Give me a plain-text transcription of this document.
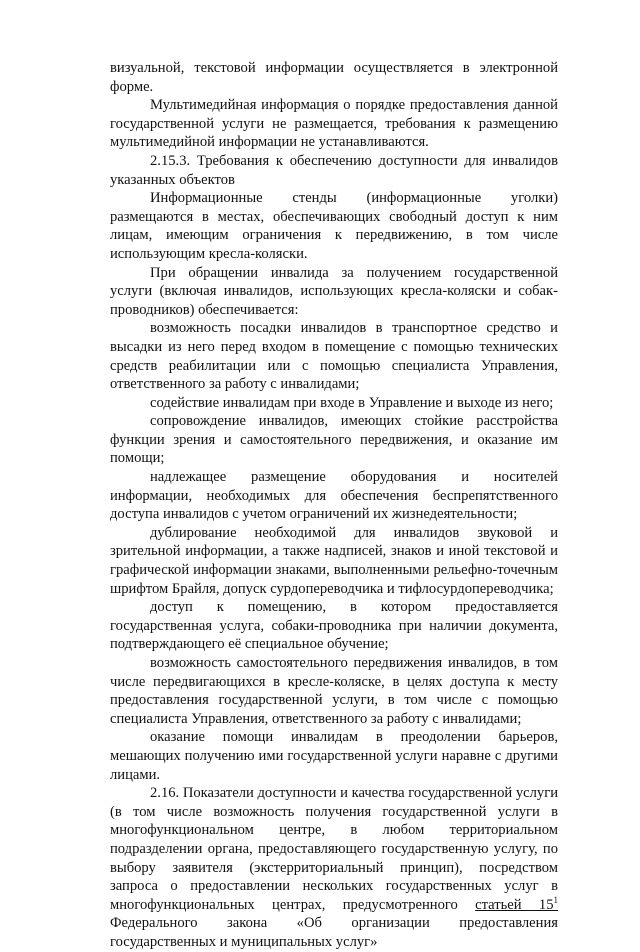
визуальной, текстовой информации осуществляется в электронной форме.

Мультимедийная информация о порядке предоставления данной государственной услуги не размещается, требования к размещению мультимедийной информации не устанавливаются.

2.15.3. Требования к обеспечению доступности для инвалидов указанных объектов

Информационные стенды (информационные уголки) размещаются в местах, обеспечивающих свободный доступ к ним лицам, имеющим ограничения к передвижению, в том числе использующим кресла-коляски.

При обращении инвалида за получением государственной услуги (включая инвалидов, использующих кресла-коляски и собак-проводников) обеспечивается:

возможность посадки инвалидов в транспортное средство и высадки из него перед входом в помещение с помощью технических средств реабилитации или с помощью специалиста Управления, ответственного за работу с инвалидами;

содействие инвалидам при входе в Управление и выходе из него;

сопровождение инвалидов, имеющих стойкие расстройства функции зрения и самостоятельного передвижения, и оказание им помощи;

надлежащее размещение оборудования и носителей информации, необходимых для обеспечения беспрепятственного доступа инвалидов с учетом ограничений их жизнедеятельности;

дублирование необходимой для инвалидов звуковой и зрительной информации, а также надписей, знаков и иной текстовой и графической информации знаками, выполненными рельефно-точечным шрифтом Брайля, допуск сурдопереводчика и тифлосурдопереводчика;

доступ к помещению, в котором предоставляется государственная услуга, собаки-проводника при наличии документа, подтверждающего её специальное обучение;

возможность самостоятельного передвижения инвалидов, в том числе передвигающихся в кресле-коляске, в целях доступа к месту предоставления государственной услуги, в том числе с помощью специалиста Управления, ответственного за работу с инвалидами;

оказание помощи инвалидам в преодолении барьеров, мешающих получению ими государственной услуги наравне с другими лицами.

2.16. Показатели доступности и качества государственной услуги (в том числе возможность получения государственной услуги в многофункциональном центре, в любом территориальном подразделении органа, предоставляющего государственную услугу, по выбору заявителя (экстерриториальный принцип), посредством запроса о предоставлении нескольких государственных услуг в многофункциональных центрах, предусмотренного статьей $15^1$ Федерального закона «Об организации предоставления государственных и муниципальных услуг»
